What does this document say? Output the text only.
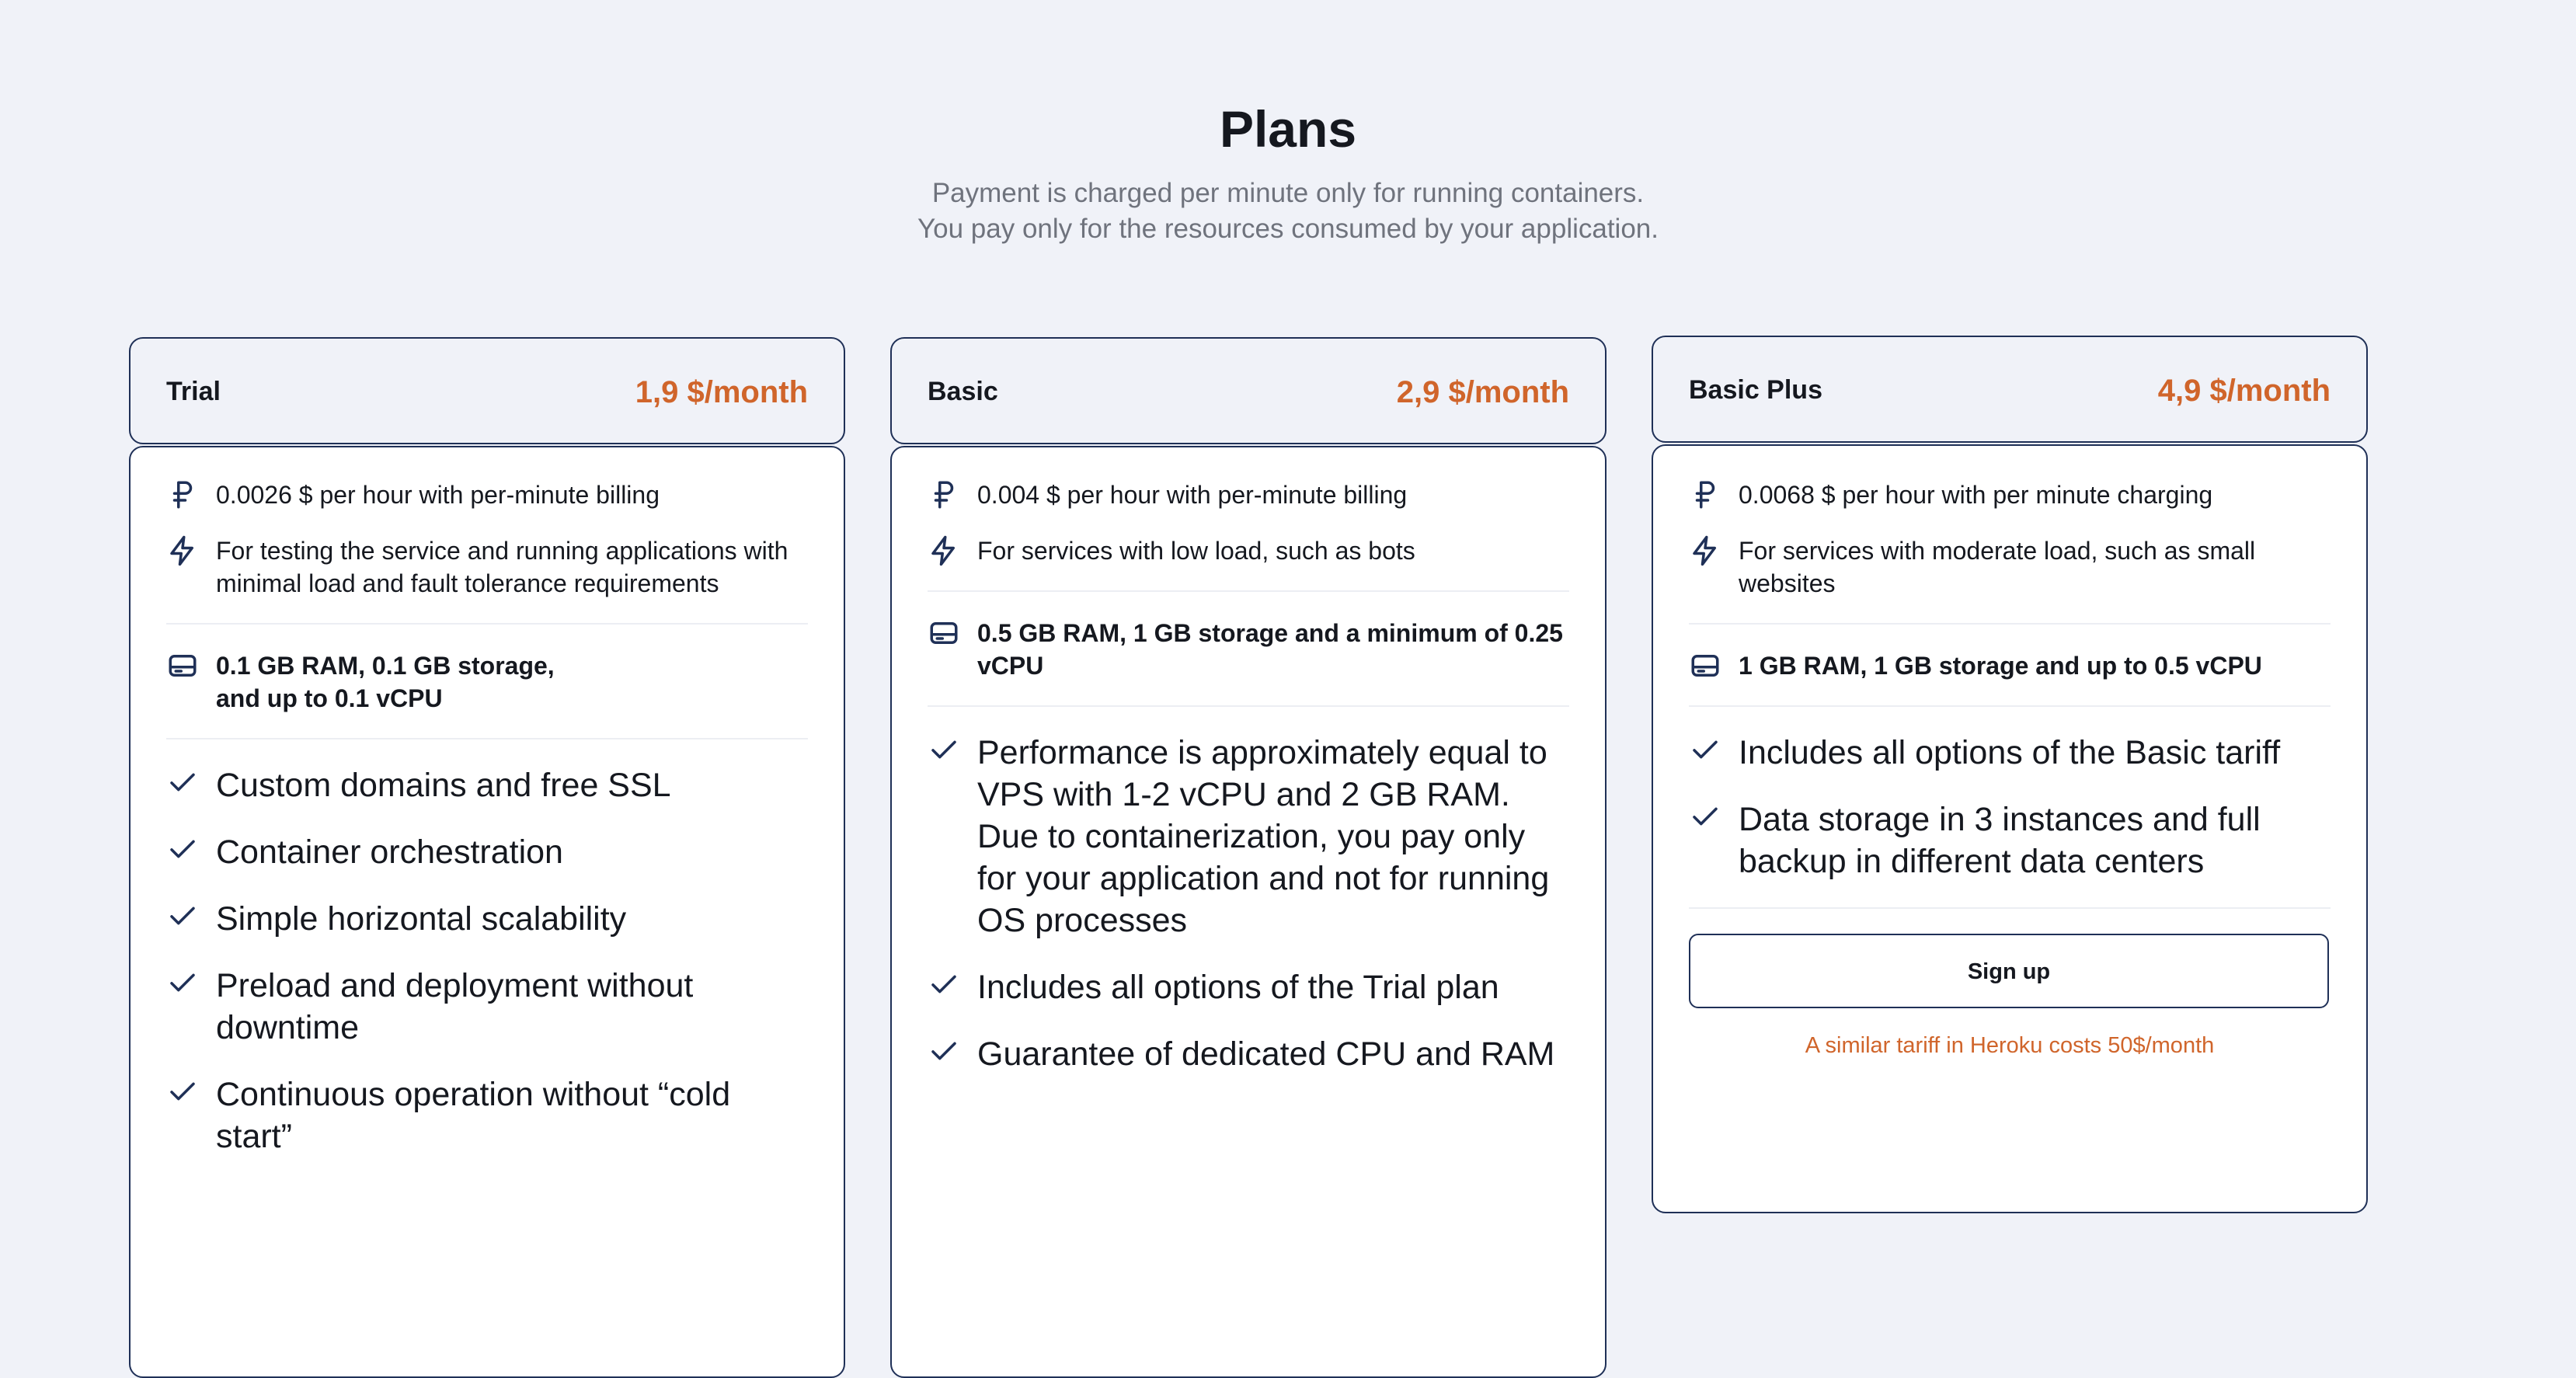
Plans
Payment is charged per minute only for running containers.
You pay only for the resources consumed by your application.
Trial	1,9 $/month
0.0026 $ per hour with per-minute billing
For testing the service and running applications with minimal load and fault tolerance requirements
0.1 GB RAM, 0.1 GB storage,
and up to 0.1 vCPU
Custom domains and free SSL
Container orchestration
Simple horizontal scalability
Preload and deployment without downtime
Continuous operation without “cold start”
Basic	2,9 $/month
0.004 $ per hour with per-minute billing
For services with low load, such as bots
0.5 GB RAM, 1 GB storage and a minimum of 0.25 vCPU
Performance is approximately equal to VPS with 1-2 vCPU and 2 GB RAM. Due to containerization, you pay only for your application and not for running OS processes
Includes all options of the Trial plan
Guarantee of dedicated CPU and RAM
Basic Plus	4,9 $/month
0.0068 $ per hour with per minute charging
For services with moderate load, such as small websites
1 GB RAM, 1 GB storage and up to 0.5 vCPU
Includes all options of the Basic tariff
Data storage in 3 instances and full backup in different data centers
Sign up
A similar tariff in Heroku costs 50$/month
